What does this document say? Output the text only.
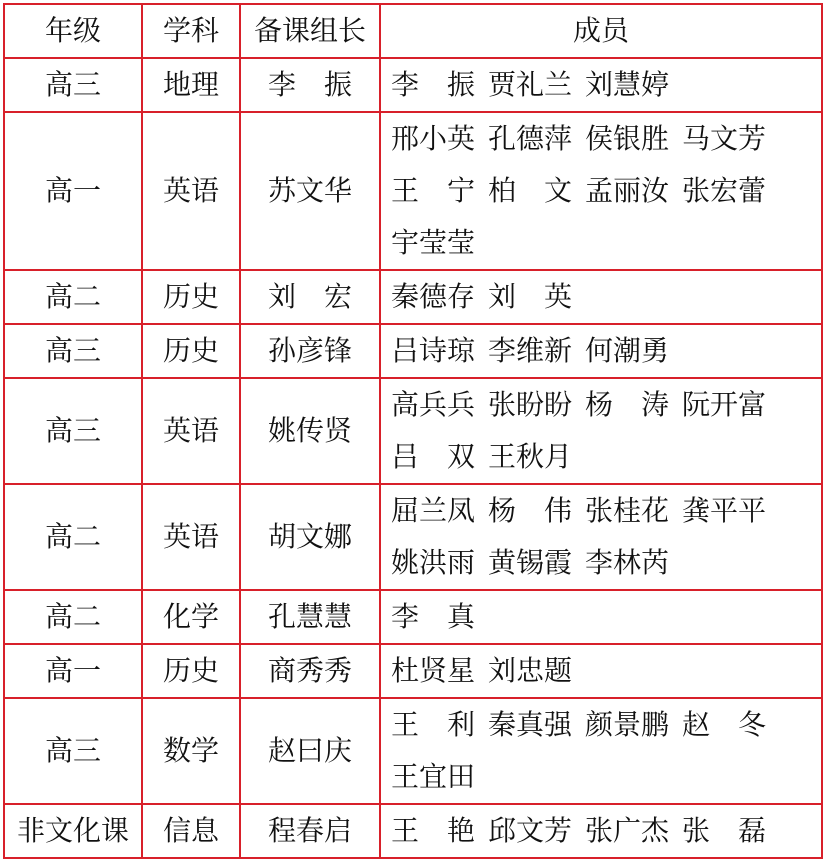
年级	学科	备课组长	成员
高三	地理	李　振	李　振 贾礼兰 刘慧婷

高一	英语	苏文华	邢小英 孔德萍 侯银胜 马文芳
王　宁 柏　文 孟丽汝 张宏蕾
宇莹莹

高二	历史	刘　宏	秦德存 刘　英

高三	历史	孙彦锋	吕诗琼 李维新 何潮勇

高三	英语	姚传贤	高兵兵 张盼盼 杨　涛 阮开富
吕　双 王秋月

高二	英语	胡文娜	屈兰凤 杨　伟 张桂花 龚平平
姚洪雨 黄锡霞 李林芮

高二	化学	孔慧慧	李　真

高一	历史	商秀秀	杜贤星 刘忠题

高三	数学	赵曰庆	王　利 秦真强 颜景鹏 赵　冬
王宜田

非文化课	信息	程春启	王　艳 邱文芳 张广杰 张　磊
